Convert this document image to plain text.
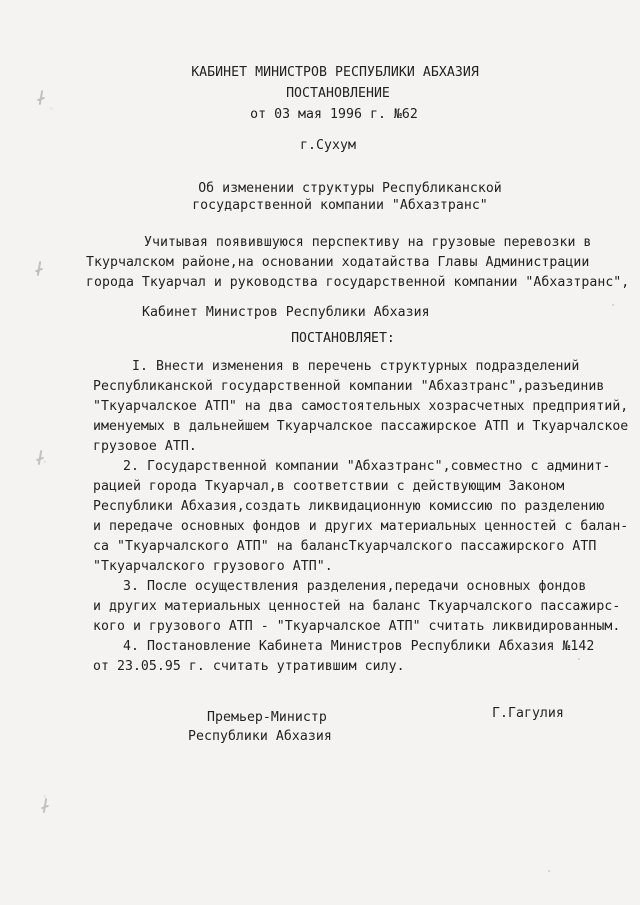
КАБИНЕТ МИНИСТРОВ РЕСПУБЛИКИ АБХАЗИЯ
ПОСТАНОВЛЕНИЕ
от 03 мая 1996 г. №62
г.Сухум
Об изменении структуры Республиканской
государственной компании "Абхазтранс"
Учитывая появившуюся перспективу на грузовые перевозки в
Ткурчалском районе,на основании ходатайства Главы Администрации
города Ткуарчал и руководства государственной компании "Абхазтранс",
Кабинет Министров Республики Абхазия
ПОСТАНОВЛЯЕТ:
I. Внести изменения в перечень структурных подразделений
Республиканской государственной компании "Абхазтранс",разъединив
"Ткуарчалское АТП" на два самостоятельных хозрасчетных предприятий,
именуемых в дальнейшем Ткуарчалское пассажирское АТП и Ткуарчалское
грузовое АТП.
2. Государственной компании "Абхазтранс",совместно с админит-
рацией города Ткуарчал,в соответствии с действующим Законом
Республики Абхазия,создать ликвидационную комиссию по разделению
и передаче основных фондов и других материальных ценностей с балан-
са "Ткуарчалского АТП" на балансТкуарчалского пассажирского АТП
"Ткуарчалского грузового АТП".
3. После осуществления разделения,передачи основных фондов
и других материальных ценностей на баланс Ткуарчалского пассажирс-
кого и грузового АТП - "Ткуарчалское АТП" считать ликвидированным.
4. Постановление Кабинета Министров Республики Абхазия №142
от 23.05.95 г. считать утратившим силу.
Премьер-Министр
Республики Абхазия
Г.Гагулия
